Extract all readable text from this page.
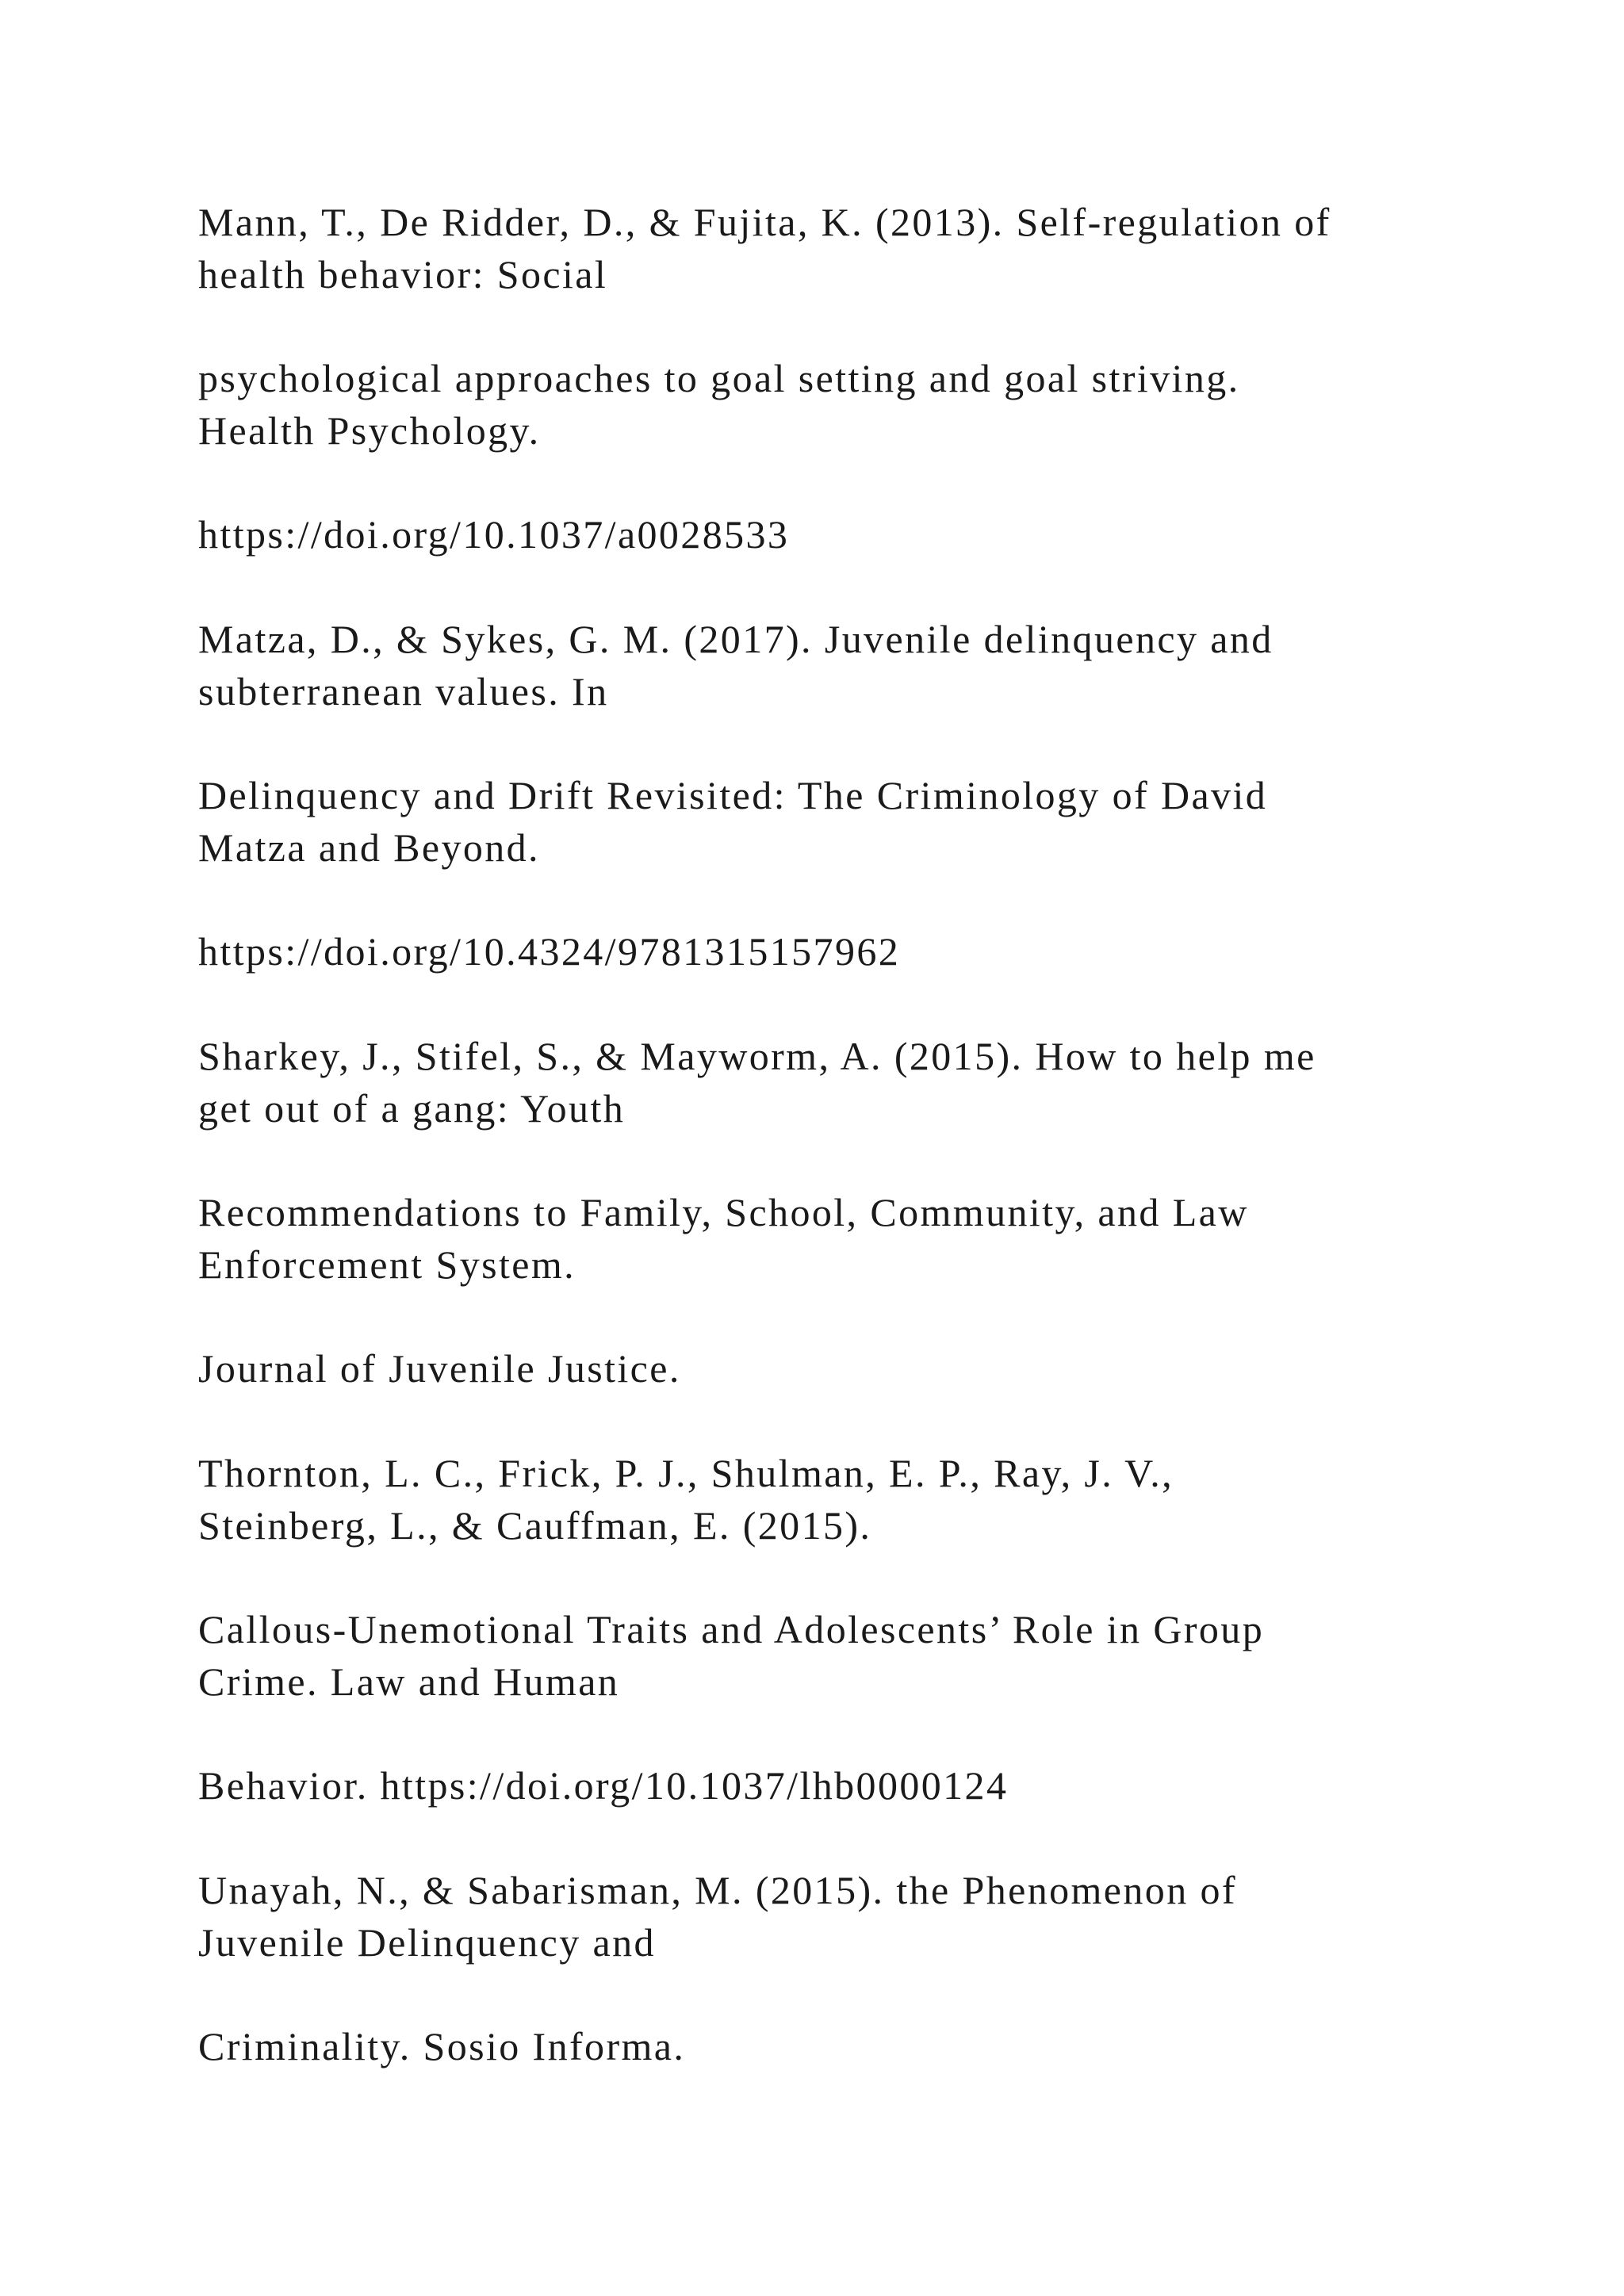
Mann, T., De Ridder, D., & Fujita, K. (2013). Self-regulation of
health behavior: Social

psychological approaches to goal setting and goal striving.
Health Psychology.

https://doi.org/10.1037/a0028533

Matza, D., & Sykes, G. M. (2017). Juvenile delinquency and
subterranean values. In

Delinquency and Drift Revisited: The Criminology of David
Matza and Beyond.

https://doi.org/10.4324/9781315157962

Sharkey, J., Stifel, S., & Mayworm, A. (2015). How to help me
get out of a gang: Youth

Recommendations to Family, School, Community, and Law
Enforcement System.

Journal of Juvenile Justice.

Thornton, L. C., Frick, P. J., Shulman, E. P., Ray, J. V.,
Steinberg, L., & Cauffman, E. (2015).

Callous-Unemotional Traits and Adolescents’ Role in Group
Crime. Law and Human

Behavior. https://doi.org/10.1037/lhb0000124

Unayah, N., & Sabarisman, M. (2015). the Phenomenon of
Juvenile Delinquency and

Criminality. Sosio Informa.
